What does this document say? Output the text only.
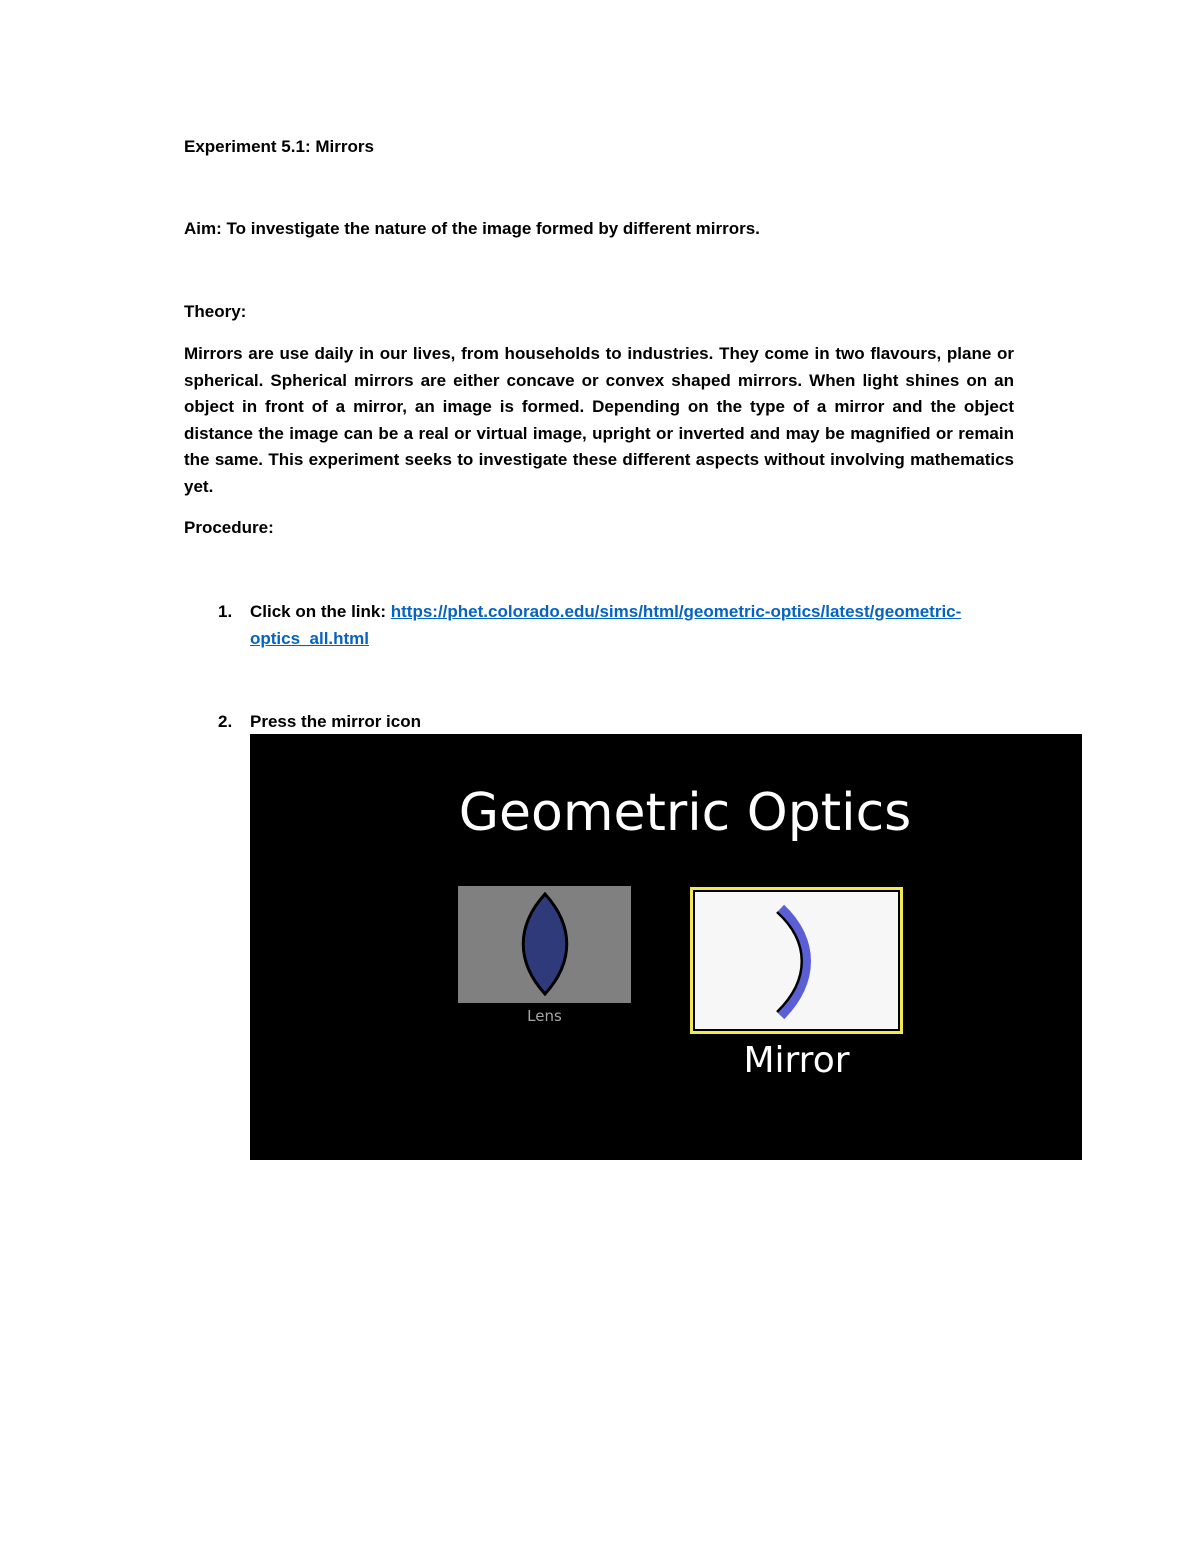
Experiment 5.1: Mirrors
Aim: To investigate the nature of the image formed by different mirrors.
Theory:
Mirrors are use daily in our lives, from households to industries. They come in two flavours, plane or spherical. Spherical mirrors are either concave or convex shaped mirrors. When light shines on an object in front of a mirror, an image is formed. Depending on the type of a mirror and the object distance the image can be a real or virtual image, upright or inverted and may be magnified or remain the same. This experiment seeks to investigate these different aspects without involving mathematics yet.
Procedure:
1.	Click on the link: https://phet.colorado.edu/sims/html/geometric-optics/latest/geometric-optics_all.html
2.	Press the mirror icon
Geometric Optics
Lens
Mirror
